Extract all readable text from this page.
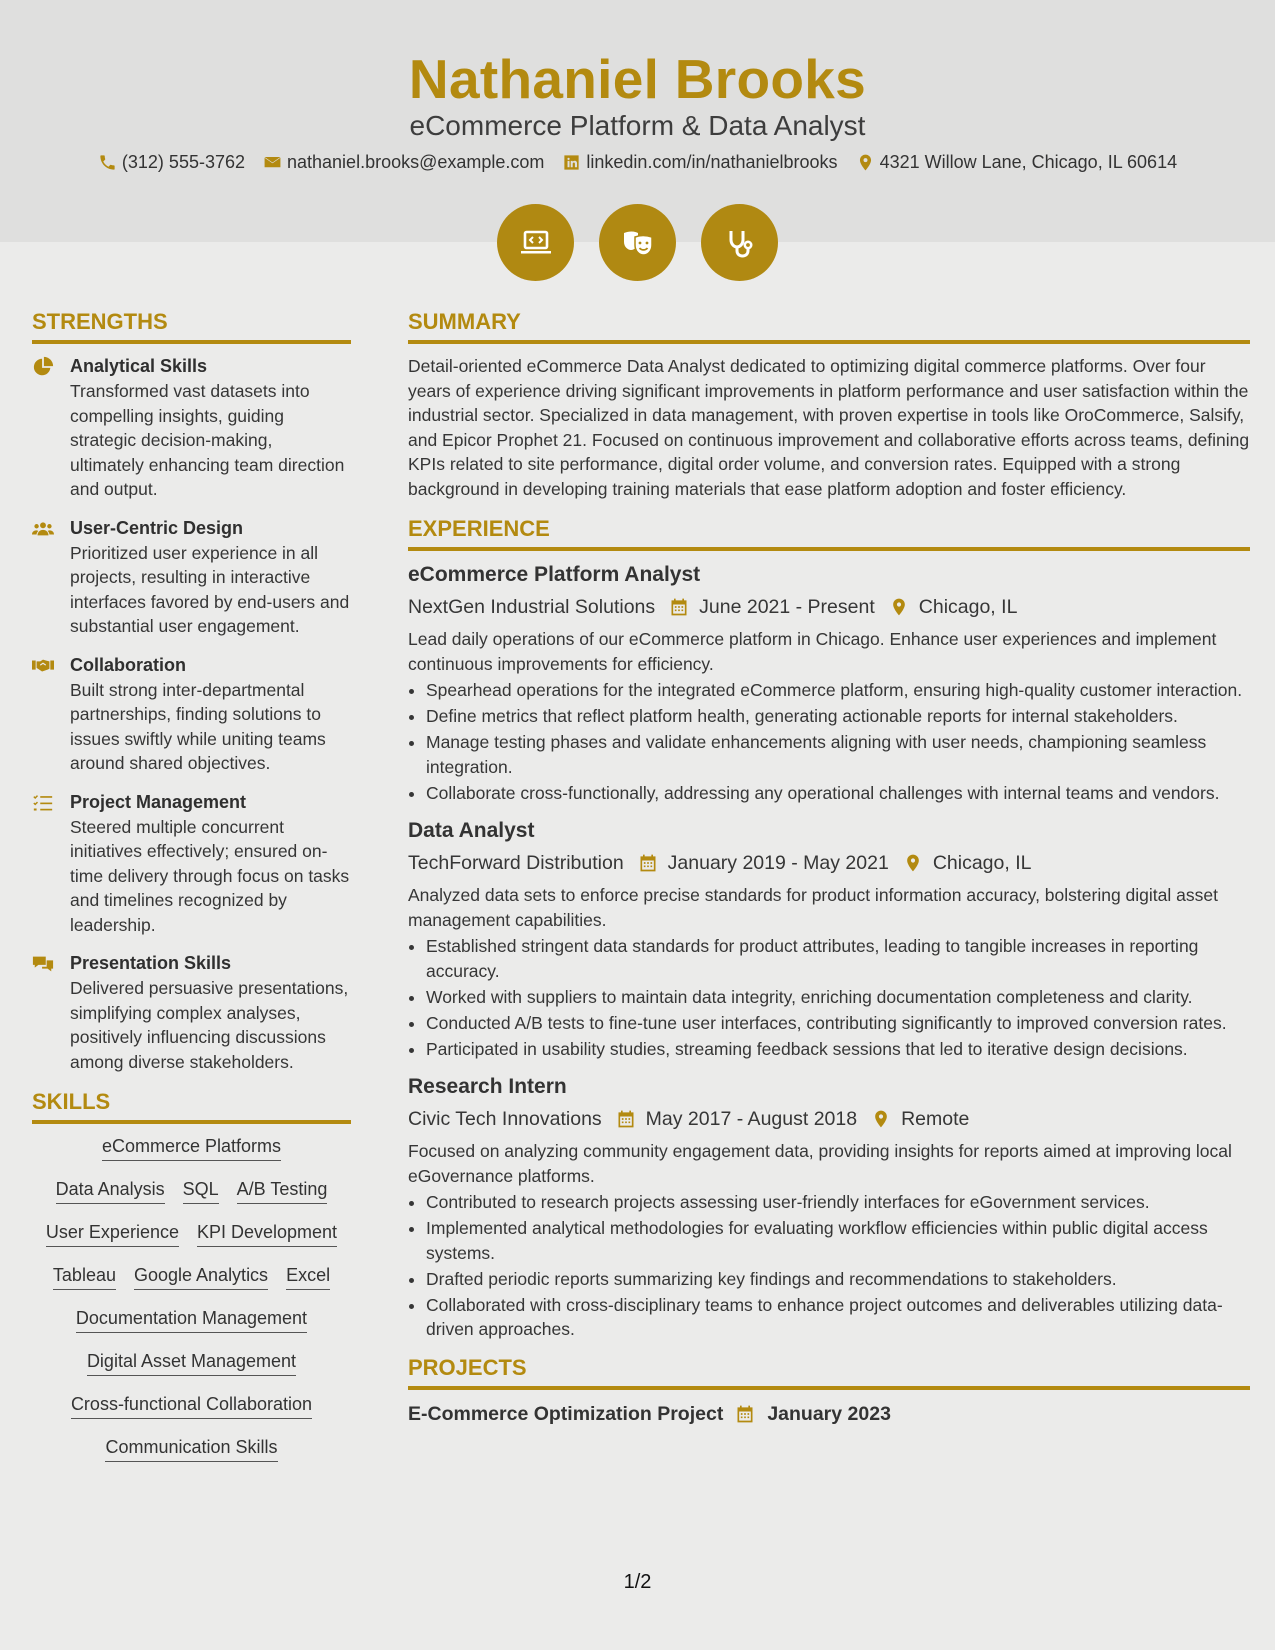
Nathaniel Brooks
eCommerce Platform & Data Analyst
(312) 555-3762 nathaniel.brooks@example.com linkedin.com/in/nathanielbrooks 4321 Willow Lane, Chicago, IL 60614
STRENGTHS
Analytical Skills
Transformed vast datasets into compelling insights, guiding strategic decision-making, ultimately enhancing team direction and output.
User-Centric Design
Prioritized user experience in all projects, resulting in interactive interfaces favored by end-users and substantial user engagement.
Collaboration
Built strong inter-departmental partnerships, finding solutions to issues swiftly while uniting teams around shared objectives.
Project Management
Steered multiple concurrent initiatives effectively; ensured on-time delivery through focus on tasks and timelines recognized by leadership.
Presentation Skills
Delivered persuasive presentations, simplifying complex analyses, positively influencing discussions among diverse stakeholders.
SKILLS
eCommerce Platforms
Data Analysis SQL A/B Testing
User Experience KPI Development
Tableau Google Analytics Excel
Documentation Management
Digital Asset Management
Cross-functional Collaboration
Communication Skills
SUMMARY
Detail-oriented eCommerce Data Analyst dedicated to optimizing digital commerce platforms. Over four years of experience driving significant improvements in platform performance and user satisfaction within the industrial sector. Specialized in data management, with proven expertise in tools like OroCommerce, Salsify, and Epicor Prophet 21. Focused on continuous improvement and collaborative efforts across teams, defining KPIs related to site performance, digital order volume, and conversion rates. Equipped with a strong background in developing training materials that ease platform adoption and foster efficiency.
EXPERIENCE
eCommerce Platform Analyst
NextGen Industrial Solutions June 2021 - Present Chicago, IL
Lead daily operations of our eCommerce platform in Chicago. Enhance user experiences and implement continuous improvements for efficiency.
• Spearhead operations for the integrated eCommerce platform, ensuring high-quality customer interaction.
• Define metrics that reflect platform health, generating actionable reports for internal stakeholders.
• Manage testing phases and validate enhancements aligning with user needs, championing seamless integration.
• Collaborate cross-functionally, addressing any operational challenges with internal teams and vendors.
Data Analyst
TechForward Distribution January 2019 - May 2021 Chicago, IL
Analyzed data sets to enforce precise standards for product information accuracy, bolstering digital asset management capabilities.
• Established stringent data standards for product attributes, leading to tangible increases in reporting accuracy.
• Worked with suppliers to maintain data integrity, enriching documentation completeness and clarity.
• Conducted A/B tests to fine-tune user interfaces, contributing significantly to improved conversion rates.
• Participated in usability studies, streaming feedback sessions that led to iterative design decisions.
Research Intern
Civic Tech Innovations May 2017 - August 2018 Remote
Focused on analyzing community engagement data, providing insights for reports aimed at improving local eGovernance platforms.
• Contributed to research projects assessing user-friendly interfaces for eGovernment services.
• Implemented analytical methodologies for evaluating workflow efficiencies within public digital access systems.
• Drafted periodic reports summarizing key findings and recommendations to stakeholders.
• Collaborated with cross-disciplinary teams to enhance project outcomes and deliverables utilizing data-driven approaches.
PROJECTS
E-Commerce Optimization Project January 2023
1/2
